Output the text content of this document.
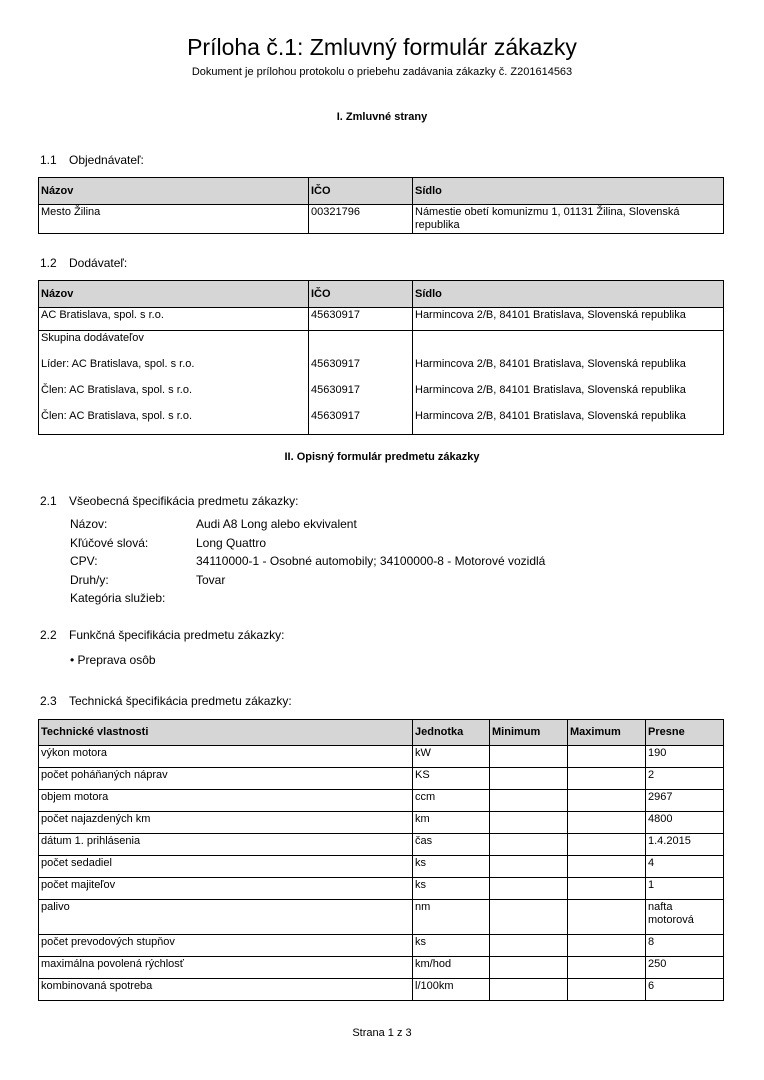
Príloha č.1: Zmluvný formulár zákazky
Dokument je prílohou protokolu o priebehu zadávania zákazky č. Z201614563
I. Zmluvné strany
1.1 Objednávateľ:
Názov	IČO	Sídlo
Mesto Žilina	00321796	Námestie obetí komunizmu 1, 01131 Žilina, Slovenská republika
1.2 Dodávateľ:
Názov	IČO	Sídlo
AC Bratislava, spol. s r.o.	45630917	Harmincova 2/B, 84101 Bratislava, Slovenská republika
Skupina dodávateľov		
Líder: AC Bratislava, spol. s r.o.	45630917	Harmincova 2/B, 84101 Bratislava, Slovenská republika
Člen: AC Bratislava, spol. s r.o.	45630917	Harmincova 2/B, 84101 Bratislava, Slovenská republika
Člen: AC Bratislava, spol. s r.o.	45630917	Harmincova 2/B, 84101 Bratislava, Slovenská republika
II. Opisný formulár predmetu zákazky
2.1 Všeobecná špecifikácia predmetu zákazky:
Názov:	Audi A8 Long alebo ekvivalent
Kľúčové slová:	Long Quattro
CPV:	34110000-1 - Osobné automobily; 34100000-8 - Motorové vozidlá
Druh/y:	Tovar
Kategória služieb:
2.2 Funkčná špecifikácia predmetu zákazky:
• Preprava osôb
2.3 Technická špecifikácia predmetu zákazky:
Technické vlastnosti	Jednotka	Minimum	Maximum	Presne
výkon motora	kW			190
počet poháňaných náprav	KS			2
objem motora	ccm			2967
počet najazdených km	km			4800
dátum 1. prihlásenia	čas			1.4.2015
počet sedadiel	ks			4
počet majiteľov	ks			1
palivo	nm			nafta motorová
počet prevodových stupňov	ks			8
maximálna povolená rýchlosť	km/hod			250
kombinovaná spotreba	l/100km			6
Strana 1 z 3
